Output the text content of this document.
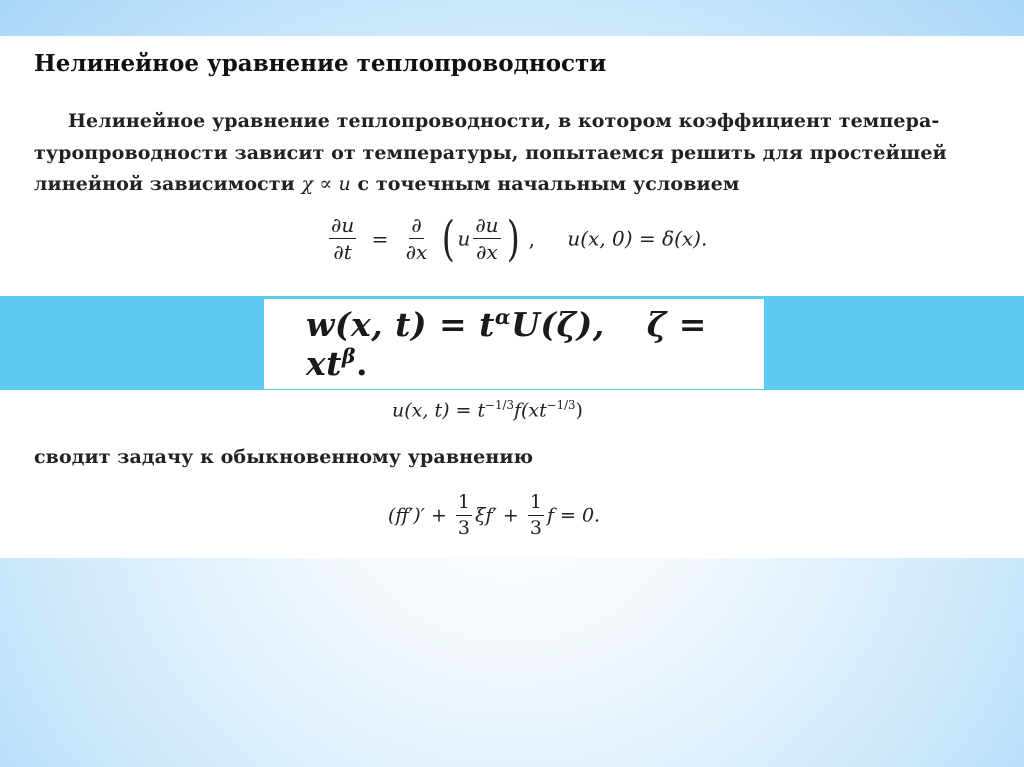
Нелинейное уравнение теплопроводности
Нелинейное уравнение теплопроводности, в котором коэффициент темпера-
туропроводности зависит от температуры, попытаемся решить для простейшей
линейной зависимости χ ∝ u с точечным начальным условием
$\frac{\partial u}{\partial t} = \frac{\partial}{\partial x}$ ( u $\frac{\partial u}{\partial x}$ ) , u(x, 0) = δ(x).
w(x, $t) = t^\alpha U(\zeta)$, $\zeta = xt^\beta$.
u(x, $t) = t^{-1/3}f(xt^{-1/3})$
сводит задачу к обыкновенному уравнению
$(ff')' + \frac{1}{3} \xi f' + \frac{1}{3}$ f = 0.
